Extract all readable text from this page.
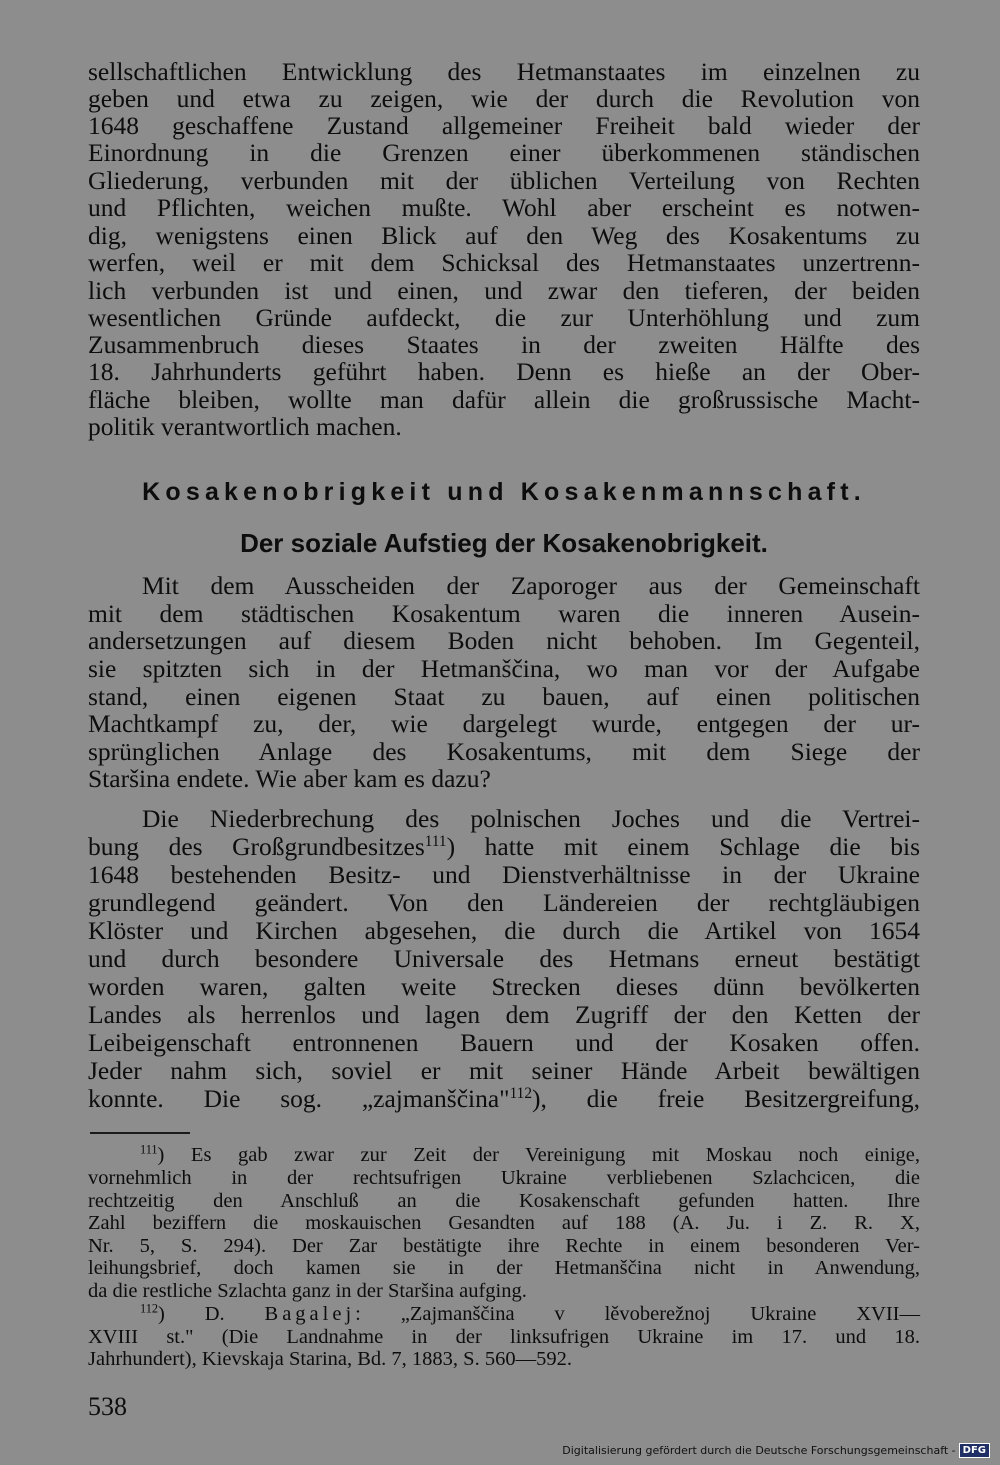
sellschaftlichen Entwicklung des Hetmanstaates im einzelnen zu
geben und etwa zu zeigen, wie der durch die Revolution von
1648 geschaffene Zustand allgemeiner Freiheit bald wieder der
Einordnung in die Grenzen einer überkommenen ständischen
Gliederung, verbunden mit der üblichen Verteilung von Rechten
und Pflichten, weichen mußte. Wohl aber erscheint es notwen-
dig, wenigstens einen Blick auf den Weg des Kosakentums zu
werfen, weil er mit dem Schicksal des Hetmanstaates unzertrenn-
lich verbunden ist und einen, und zwar den tieferen, der beiden
wesentlichen Gründe aufdeckt, die zur Unterhöhlung und zum
Zusammenbruch dieses Staates in der zweiten Hälfte des
18. Jahrhunderts geführt haben. Denn es hieße an der Ober-
fläche bleiben, wollte man dafür allein die großrussische Macht-
politik verantwortlich machen.
Kosakenobrigkeit und Kosakenmannschaft.
Der soziale Aufstieg der Kosakenobrigkeit.
Mit dem Ausscheiden der Zaporoger aus der Gemeinschaft
mit dem städtischen Kosakentum waren die inneren Ausein-
andersetzungen auf diesem Boden nicht behoben. Im Gegenteil,
sie spitzten sich in der Hetmanščina, wo man vor der Aufgabe
stand, einen eigenen Staat zu bauen, auf einen politischen
Machtkampf zu, der, wie dargelegt wurde, entgegen der ur-
sprünglichen Anlage des Kosakentums, mit dem Siege der
Staršina endete. Wie aber kam es dazu?
Die Niederbrechung des polnischen Joches und die Vertrei-
bung des Großgrundbesitzes$^{111}$) hatte mit einem Schlage die bis
1648 bestehenden Besitz- und Dienstverhältnisse in der Ukraine
grundlegend geändert. Von den Ländereien der rechtgläubigen
Klöster und Kirchen abgesehen, die durch die Artikel von 1654
und durch besondere Universale des Hetmans erneut bestätigt
worden waren, galten weite Strecken dieses dünn bevölkerten
Landes als herrenlos und lagen dem Zugriff der den Ketten der
Leibeigenschaft entronnenen Bauern und der Kosaken offen.
Jeder nahm sich, soviel er mit seiner Hände Arbeit bewältigen
konnte. Die sog. „zajmanščina"$^{112}$), die freie Besitzergreifung,
$^{111}$) Es gab zwar zur Zeit der Vereinigung mit Moskau noch einige,
vornehmlich in der rechtsufrigen Ukraine verbliebenen Szlachcicen, die
rechtzeitig den Anschluß an die Kosakenschaft gefunden hatten. Ihre
Zahl beziffern die moskauischen Gesandten auf 188 (A. Ju. i Z. R. X,
Nr. 5, S. 294). Der Zar bestätigte ihre Rechte in einem besonderen Ver-
leihungsbrief, doch kamen sie in der Hetmanščina nicht in Anwendung,
da die restliche Szlachta ganz in der Staršina aufging.
$^{112}$) D. Bagalej: „Zajmanščina v lěvoberežnoj Ukraine XVII—
XVIII st." (Die Landnahme in der linksufrigen Ukraine im 17. und 18.
Jahrhundert), Kievskaja Starina, Bd. 7, 1883, S. 560—592.
538
Digitalisierung gefördert durch die Deutsche Forschungsgemeinschaft - DFG
